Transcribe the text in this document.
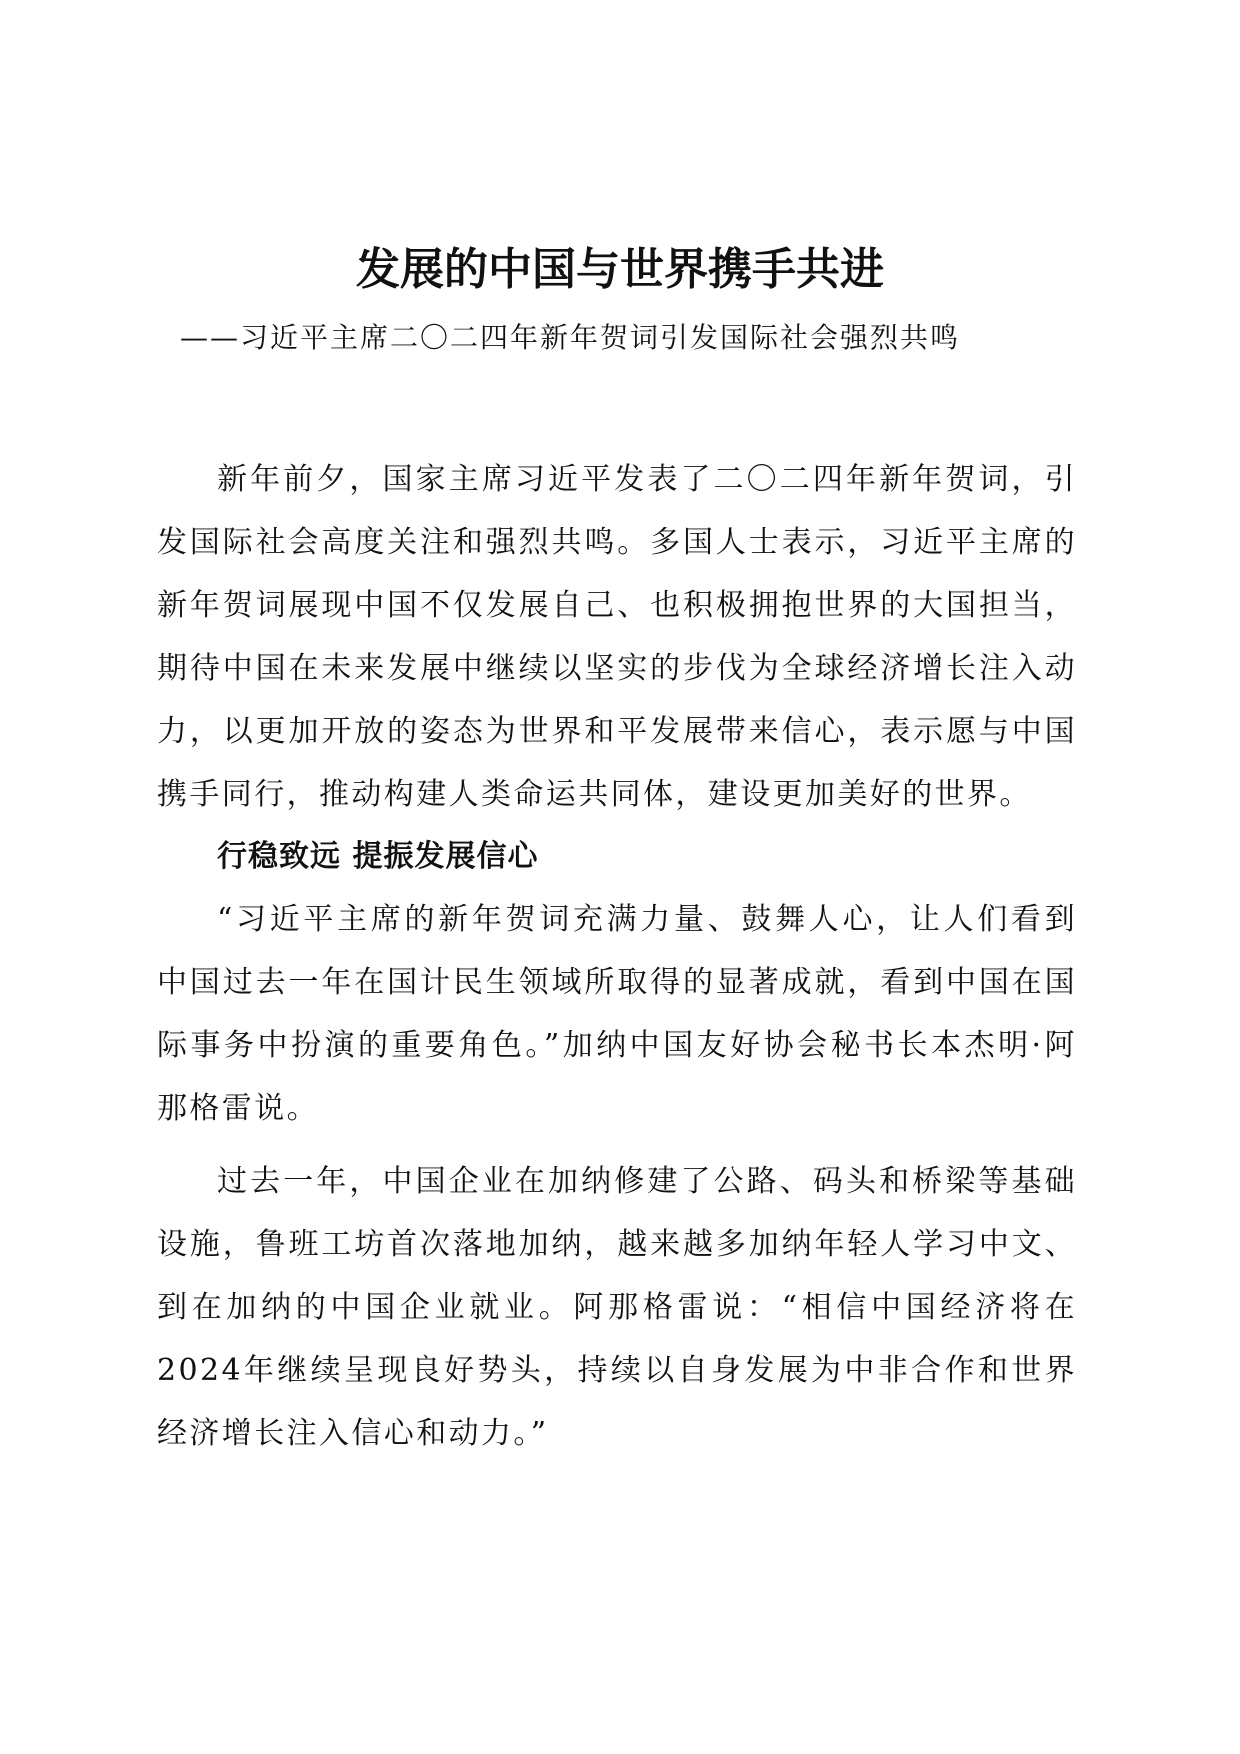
发展的中国与世界携手共进
——习近平主席二〇二四年新年贺词引发国际社会强烈共鸣

新年前夕，国家主席习近平发表了二〇二四年新年贺词，引发国际社会高度关注和强烈共鸣。多国人士表示，习近平主席的新年贺词展现中国不仅发展自己、也积极拥抱世界的大国担当，期待中国在未来发展中继续以坚实的步伐为全球经济增长注入动力，以更加开放的姿态为世界和平发展带来信心，表示愿与中国携手同行，推动构建人类命运共同体，建设更加美好的世界。

行稳致远 提振发展信心

“习近平主席的新年贺词充满力量、鼓舞人心，让人们看到中国过去一年在国计民生领域所取得的显著成就，看到中国在国际事务中扮演的重要角色。”加纳中国友好协会秘书长本杰明·阿那格雷说。

过去一年，中国企业在加纳修建了公路、码头和桥梁等基础设施，鲁班工坊首次落地加纳，越来越多加纳年轻人学习中文、到在加纳的中国企业就业。阿那格雷说：“相信中国经济将在2024年继续呈现良好势头，持续以自身发展为中非合作和世界经济增长注入信心和动力。”
